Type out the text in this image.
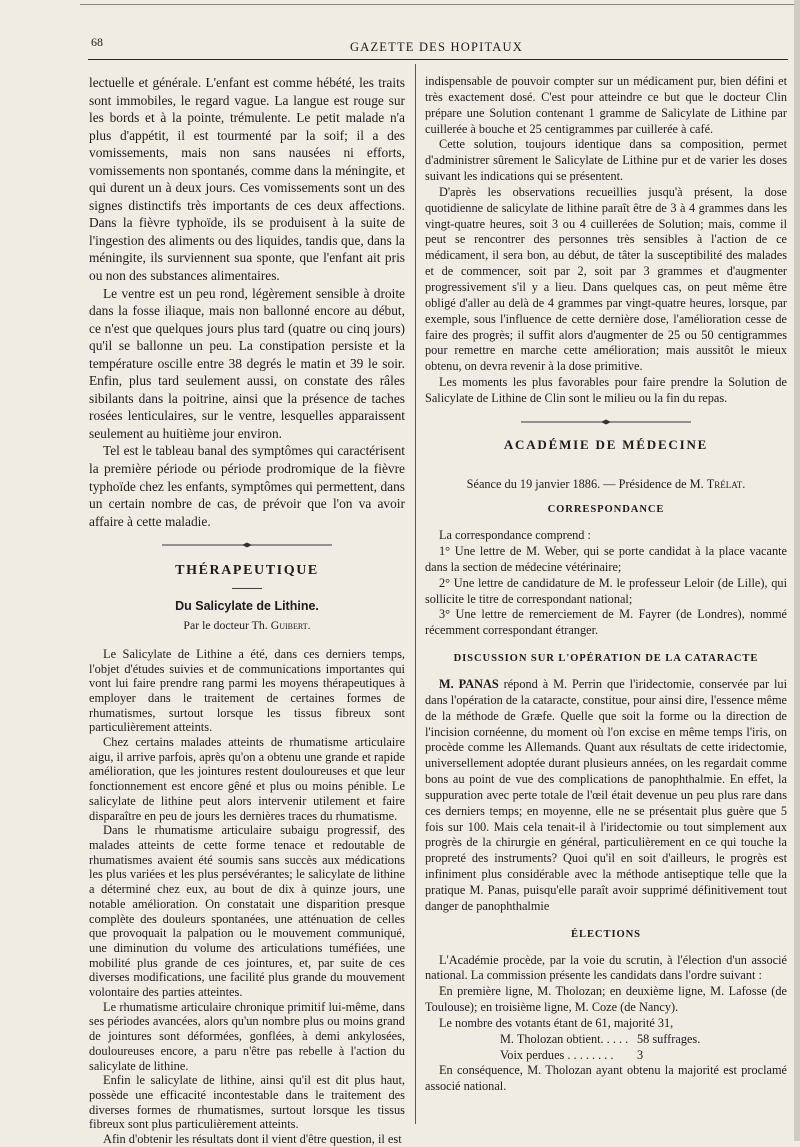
68	GAZETTE DES HOPITAUX

lectuelle et générale. L'enfant est comme hébété, les traits sont immobiles, le regard vague. La langue est rouge sur les bords et à la pointe, trémulente. Le petit malade n'a plus d'appétit, il est tourmenté par la soif; il a des vomissements, mais non sans nausées ni efforts, vomissements non spontanés, comme dans la méningite, et qui durent un à deux jours. Ces vomissements sont un des signes distinctifs très importants de ces deux affections. Dans la fièvre typhoïde, ils se produisent à la suite de l'ingestion des aliments ou des liquides, tandis que, dans la méningite, ils surviennent sua sponte, que l'enfant ait pris ou non des substances alimentaires.

Le ventre est un peu rond, légèrement sensible à droite dans la fosse iliaque, mais non ballonné encore au début, ce n'est que quelques jours plus tard (quatre ou cinq jours) qu'il se ballonne un peu. La constipation persiste et la température oscille entre 38 degrés le matin et 39 le soir. Enfin, plus tard seulement aussi, on constate des râles sibilants dans la poitrine, ainsi que la présence de taches rosées lenticulaires, sur le ventre, lesquelles apparaissent seulement au huitième jour environ.

Tel est le tableau banal des symptômes qui caractérisent la première période ou période prodromique de la fièvre typhoïde chez les enfants, symptômes qui permettent, dans un certain nombre de cas, de prévoir que l'on va avoir affaire à cette maladie.

THÉRAPEUTIQUE
Du Salicylate de Lithine.
Par le docteur Th. Guibert.

Le Salicylate de Lithine a été, dans ces derniers temps, l'objet d'études suivies et de communications importantes qui vont lui faire prendre rang parmi les moyens thérapeutiques à employer dans le traitement de certaines formes de rhumatismes, surtout lorsque les tissus fibreux sont particulièrement atteints.

Chez certains malades atteints de rhumatisme articulaire aigu, il arrive parfois, après qu'on a obtenu une grande et rapide amélioration, que les jointures restent douloureuses et que leur fonctionnement est encore gêné et plus ou moins pénible. Le salicylate de lithine peut alors intervenir utilement et faire disparaître en peu de jours les dernières traces du rhumatisme.

Dans le rhumatisme articulaire subaigu progressif, des malades atteints de cette forme tenace et redoutable de rhumatismes avaient été soumis sans succès aux médications les plus variées et les plus persévérantes; le salicylate de lithine a déterminé chez eux, au bout de dix à quinze jours, une notable amélioration. On constatait une disparition presque complète des douleurs spontanées, une atténuation de celles que provoquait la palpation ou le mouvement communiqué, une diminution du volume des articulations tuméfiées, une mobilité plus grande de ces jointures, et, par suite de ces diverses modifications, une facilité plus grande du mouvement volontaire des parties atteintes.

Le rhumatisme articulaire chronique primitif lui-même, dans ses périodes avancées, alors qu'un nombre plus ou moins grand de jointures sont déformées, gonflées, à demi ankylosées, douloureuses encore, a paru n'être pas rebelle à l'action du salicylate de lithine.

Enfin le salicylate de lithine, ainsi qu'il est dit plus haut, possède une efficacité incontestable dans le traitement des diverses formes de rhumatismes, surtout lorsque les tissus fibreux sont plus particulièrement atteints.

Afin d'obtenir les résultats dont il vient d'être question, il est

indispensable de pouvoir compter sur un médicament pur, bien défini et très exactement dosé. C'est pour atteindre ce but que le docteur Clin prépare une Solution contenant 1 gramme de Salicylate de Lithine par cuillerée à bouche et 25 centigrammes par cuillerée à café.

Cette solution, toujours identique dans sa composition, permet d'administrer sûrement le Salicylate de Lithine pur et de varier les doses suivant les indications qui se présentent.

D'après les observations recueillies jusqu'à présent, la dose quotidienne de salicylate de lithine paraît être de 3 à 4 grammes dans les vingt-quatre heures, soit 3 ou 4 cuillerées de Solution; mais, comme il peut se rencontrer des personnes très sensibles à l'action de ce médicament, il sera bon, au début, de tâter la susceptibilité des malades et de commencer, soit par 2, soit par 3 grammes et d'augmenter progressivement s'il y a lieu. Dans quelques cas, on peut même être obligé d'aller au delà de 4 grammes par vingt-quatre heures, lorsque, par exemple, sous l'influence de cette dernière dose, l'amélioration cesse de faire des progrès; il suffit alors d'augmenter de 25 ou 50 centigrammes pour remettre en marche cette amélioration; mais aussitôt le mieux obtenu, on devra revenir à la dose primitive.

Les moments les plus favorables pour faire prendre la Solution de Salicylate de Lithine de Clin sont le milieu ou la fin du repas.

ACADÉMIE DE MÉDECINE
Séance du 19 janvier 1886. — Présidence de M. Trélat.
CORRESPONDANCE

La correspondance comprend :

1° Une lettre de M. Weber, qui se porte candidat à la place vacante dans la section de médecine vétérinaire;

2° Une lettre de candidature de M. le professeur Leloir (de Lille), qui sollicite le titre de correspondant national;

3° Une lettre de remerciement de M. Fayrer (de Londres), nommé récemment correspondant étranger.

DISCUSSION SUR L'OPÉRATION DE LA CATARACTE

M. PANAS répond à M. Perrin que l'iridectomie, conservée par lui dans l'opération de la cataracte, constitue, pour ainsi dire, l'essence même de la méthode de Græfe. Quelle que soit la forme ou la direction de l'incision cornéenne, du moment où l'on excise en même temps l'iris, on procède comme les Allemands. Quant aux résultats de cette iridectomie, universellement adoptée durant plusieurs années, on les regardait comme bons au point de vue des complications de panophthalmie. En effet, la suppuration avec perte totale de l'œil était devenue un peu plus rare dans ces derniers temps; en moyenne, elle ne se présentait plus guère que 5 fois sur 100. Mais cela tenait-il à l'iridectomie ou tout simplement aux progrès de la chirurgie en général, particulièrement en ce qui touche la propreté des instruments? Quoi qu'il en soit d'ailleurs, le progrès est infiniment plus considérable avec la méthode antiseptique telle que la pratique M. Panas, puisqu'elle paraît avoir supprimé définitivement tout danger de panophthalmie

ÉLECTIONS

L'Académie procède, par la voie du scrutin, à l'élection d'un associé national. La commission présente les candidats dans l'ordre suivant :

En première ligne, M. Tholozan; en deuxième ligne, M. Lafosse (de Toulouse); en troisième ligne, M. Coze (de Nancy).

Le nombre des votants étant de 61, majorité 31,

M. Tholozan obtient. . . . . 58 suffrages.

Voix perdues . . . . . . . . 3

En conséquence, M. Tholozan ayant obtenu la majorité est proclamé associé national.
